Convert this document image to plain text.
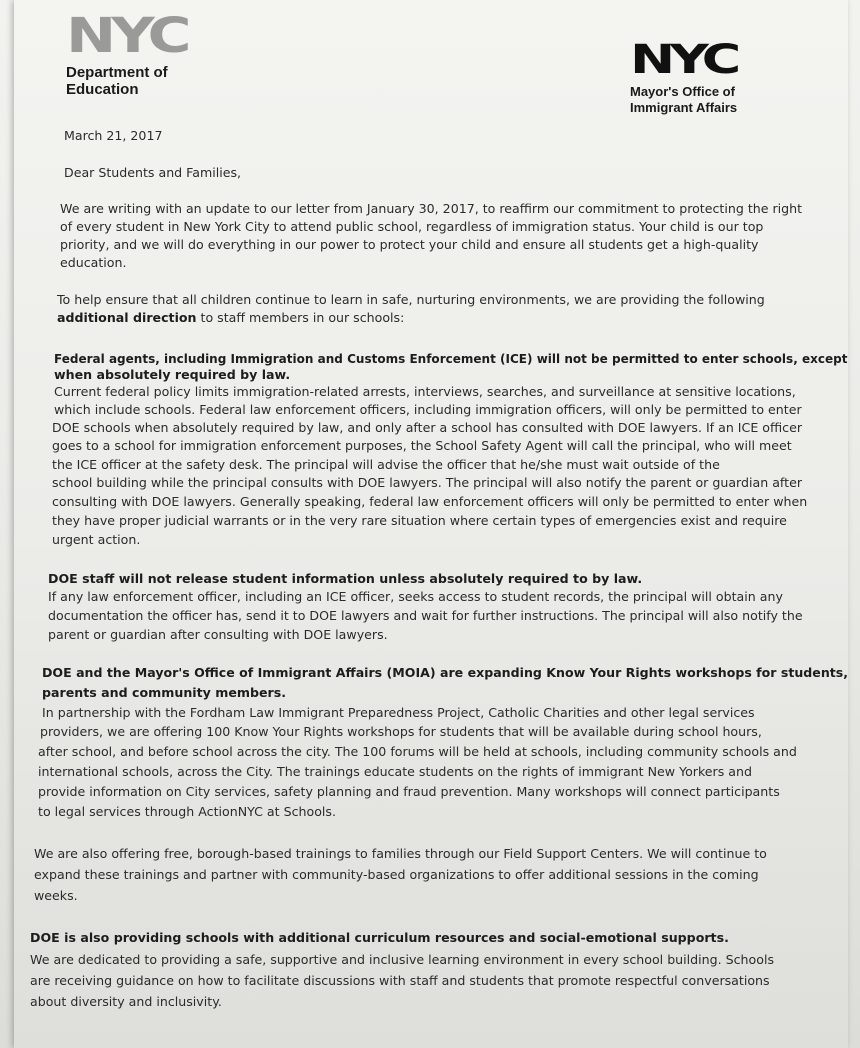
NYC
Department of
Education
NYC
Mayor's Office of
Immigrant Affairs
March 21, 2017
Dear Students and Families,
We are writing with an update to our letter from January 30, 2017, to reaffirm our commitment to protecting the right
of every student in New York City to attend public school, regardless of immigration status. Your child is our top
priority, and we will do everything in our power to protect your child and ensure all students get a high-quality
education.
To help ensure that all children continue to learn in safe, nurturing environments, we are providing the following
additional direction to staff members in our schools:
Federal agents, including Immigration and Customs Enforcement (ICE) will not be permitted to enter schools, except
when absolutely required by law.
Current federal policy limits immigration-related arrests, interviews, searches, and surveillance at sensitive locations,
which include schools. Federal law enforcement officers, including immigration officers, will only be permitted to enter
DOE schools when absolutely required by law, and only after a school has consulted with DOE lawyers. If an ICE officer
goes to a school for immigration enforcement purposes, the School Safety Agent will call the principal, who will meet
the ICE officer at the safety desk. The principal will advise the officer that he/she must wait outside of the
school building while the principal consults with DOE lawyers. The principal will also notify the parent or guardian after
consulting with DOE lawyers. Generally speaking, federal law enforcement officers will only be permitted to enter when
they have proper judicial warrants or in the very rare situation where certain types of emergencies exist and require
urgent action.
DOE staff will not release student information unless absolutely required to by law.
If any law enforcement officer, including an ICE officer, seeks access to student records, the principal will obtain any
documentation the officer has, send it to DOE lawyers and wait for further instructions. The principal will also notify the
parent or guardian after consulting with DOE lawyers.
DOE and the Mayor's Office of Immigrant Affairs (MOIA) are expanding Know Your Rights workshops for students,
parents and community members.
In partnership with the Fordham Law Immigrant Preparedness Project, Catholic Charities and other legal services
providers, we are offering 100 Know Your Rights workshops for students that will be available during school hours,
after school, and before school across the city. The 100 forums will be held at schools, including community schools and
international schools, across the City. The trainings educate students on the rights of immigrant New Yorkers and
provide information on City services, safety planning and fraud prevention. Many workshops will connect participants
to legal services through ActionNYC at Schools.
We are also offering free, borough-based trainings to families through our Field Support Centers. We will continue to
expand these trainings and partner with community-based organizations to offer additional sessions in the coming
weeks.
DOE is also providing schools with additional curriculum resources and social-emotional supports.
We are dedicated to providing a safe, supportive and inclusive learning environment in every school building. Schools
are receiving guidance on how to facilitate discussions with staff and students that promote respectful conversations
about diversity and inclusivity.
